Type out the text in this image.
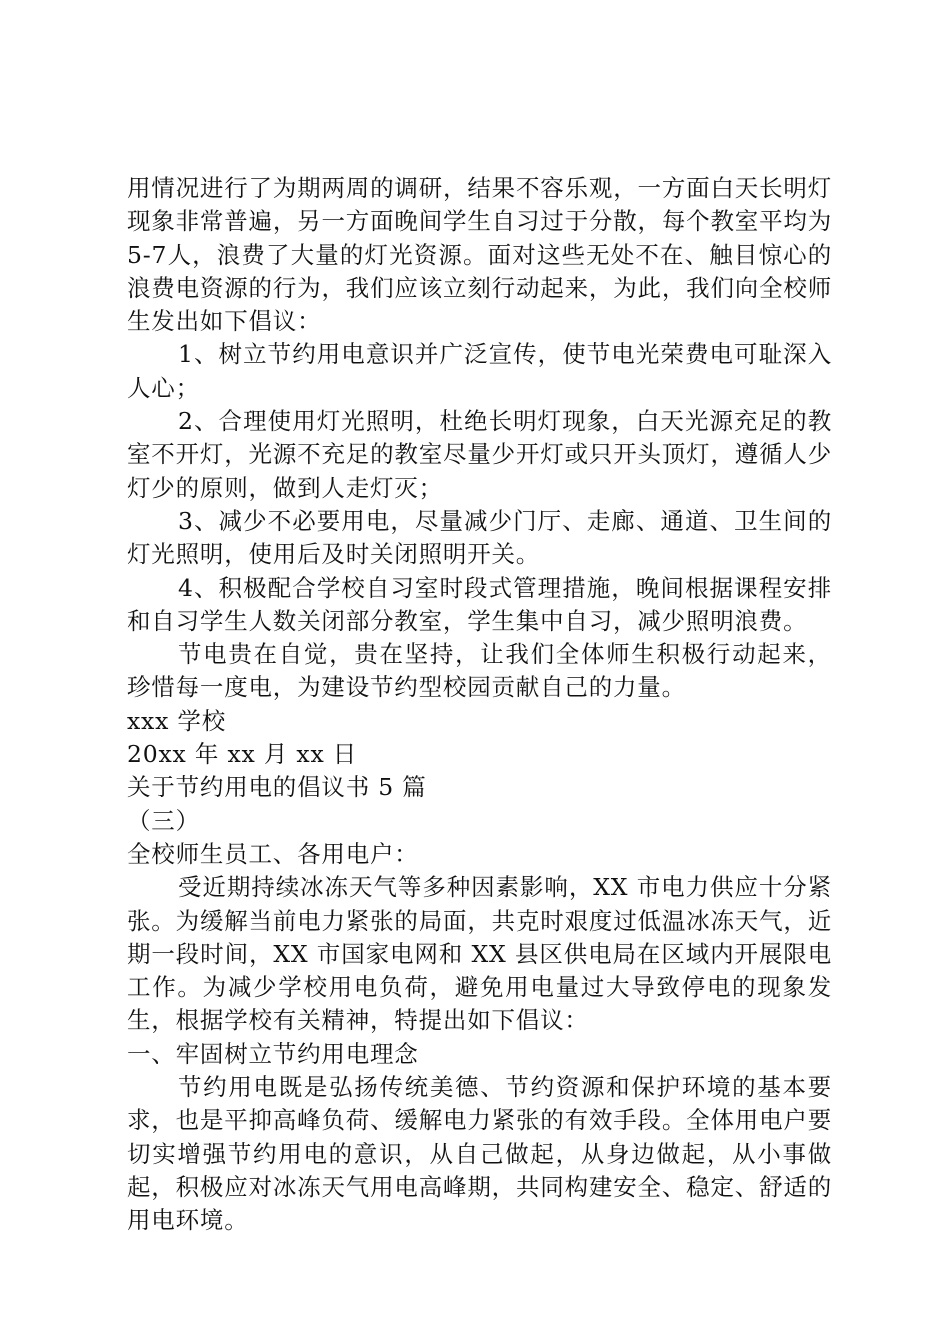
用情况进行了为期两周的调研，结果不容乐观，一方面白天长明灯现象非常普遍，另一方面晚间学生自习过于分散，每个教室平均为5-7人，浪费了大量的灯光资源。面对这些无处不在、触目惊心的浪费电资源的行为，我们应该立刻行动起来，为此，我们向全校师生发出如下倡议：

1、树立节约用电意识并广泛宣传，使节电光荣费电可耻深入人心；

2、合理使用灯光照明，杜绝长明灯现象，白天光源充足的教室不开灯，光源不充足的教室尽量少开灯或只开头顶灯，遵循人少灯少的原则，做到人走灯灭；

3、减少不必要用电，尽量减少门厅、走廊、通道、卫生间的灯光照明，使用后及时关闭照明开关。

4、积极配合学校自习室时段式管理措施，晚间根据课程安排和自习学生人数关闭部分教室，学生集中自习，减少照明浪费。

节电贵在自觉，贵在坚持，让我们全体师生积极行动起来，珍惜每一度电，为建设节约型校园贡献自己的力量。

xxx 学校

20xx 年 xx 月 xx 日

关于节约用电的倡议书 5 篇

（三）

全校师生员工、各用电户：

受近期持续冰冻天气等多种因素影响，XX 市电力供应十分紧张。为缓解当前电力紧张的局面，共克时艰度过低温冰冻天气，近期一段时间，XX 市国家电网和 XX 县区供电局在区域内开展限电工作。为减少学校用电负荷，避免用电量过大导致停电的现象发生，根据学校有关精神，特提出如下倡议：

一、牢固树立节约用电理念

节约用电既是弘扬传统美德、节约资源和保护环境的基本要求，也是平抑高峰负荷、缓解电力紧张的有效手段。全体用电户要切实增强节约用电的意识，从自己做起，从身边做起，从小事做起，积极应对冰冻天气用电高峰期，共同构建安全、稳定、舒适的用电环境。
